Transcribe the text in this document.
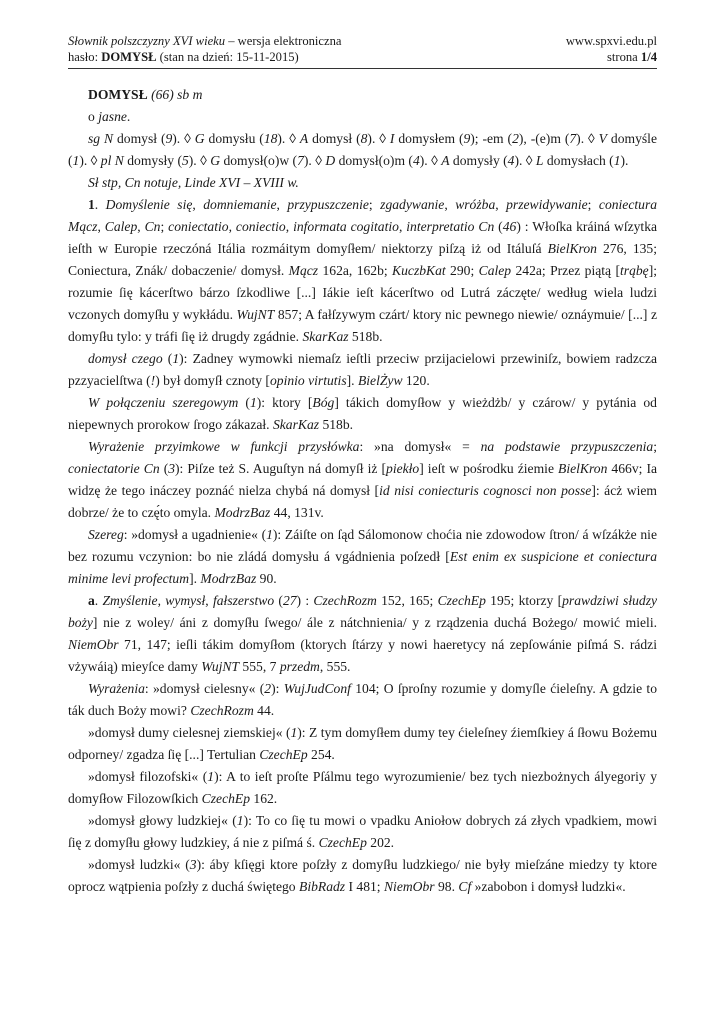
Słownik polszczyzny XVI wieku – wersja elektroniczna	www.spxvi.edu.pl
hasło: DOMYSŁ (stan na dzień: 15-11-2015)	strona 1/4

DOMYSŁ (66) sb m

o jasne.

sg N domysł (9). ◊ G domysłu (18). ◊ A domysł (8). ◊ I domysłem (9); -em (2), -(e)m (7). ◊ V domyśle (1). ◊ pl N domysły (5). ◊ G domysł(o)w (7). ◊ D domysł(o)m (4). ◊ A domysły (4). ◊ L domysłach (1).

Sł stp, Cn notuje, Linde XVI – XVIII w.

1. Domyślenie się, domniemanie, przypuszczenie; zgadywanie, wróżba, przewidywanie; coniectura Mącz, Calep, Cn; coniectatio, coniectio, informata cogitatio, interpretatio Cn (46) : Włoſka kráiná wſzytka ieſth w Europie rzeczóná Itália rozmáitym domyſłem/ niektorzy piſzą iż od Itáluſá BielKron 276, 135; Coniectura, Znák/ dobaczenie/ domysł. Mącz 162a, 162b; KuczbKat 290; Calep 242a; Przez piątą [trąbę]; rozumie ſię kácerſtwo bárzo ſzkodliwe [...] Iákie ieſt kácerſtwo od Lutrá záczęte/ według wiela ludzi vczonych domyſłu y wykłádu. WujNT 857; A fałſzywym czárt/ ktory nic pewnego niewie/ oznáymuie/ [...] z domyſłu tylo: y tráfi ſię iż drugdy zgádnie. SkarKaz 518b.

domysł czego (1): Zadney wymowki niemaſz ieſtli przeciw przijacielowi przewiniſz, bowiem radzcza pzzyacielſtwa (!) był domyſł cznoty [opinio virtutis]. BielŻyw 120.

W połączeniu szeregowym (1): ktory [Bóg] tákich domyſłow y wieżdżb/ y czárow/ y pytánia od niepewnych prorokow ſrogo zákazał. SkarKaz 518b.

Wyrażenie przyimkowe w funkcji przysłówka: »na domysł« = na podstawie przypuszczenia; coniectatorie Cn (3): Piſze też S. Auguſtyn ná domyſł iż [piekło] ieſt w pośrodku źiemie BielKron 466v; Ia widzę że tego ináczey poznáć nielza chybá ná domysł [id nisi coniecturis cognosci non posse]: ácż wiem dobrze/ że to czę́to omyla. ModrzBaz 44, 131v.

Szereg: »domysł a ugadnienie« (1): Záiſte on ſąd Sálomonow choćia nie zdowodow ſtron/ á wſzákże nie bez rozumu vczynion: bo nie zládá domysłu á vgádnienia poſzedł [Est enim ex suspicione et coniectura minime levi profectum]. ModrzBaz 90.

a. Zmyślenie, wymysł, fałszerstwo (27) : CzechRozm 152, 165; CzechEp 195; ktorzy [prawdziwi słudzy boży] nie z woley/ áni z domyſłu ſwego/ ále z nátchnienia/ y z rządzenia duchá Bożego/ mowić mieli. NiemObr 71, 147; ieſli tákim domyſłom (ktorych ſtárzy y nowi haeretycy ná zepſowánie piſmá S. rádzi vżywáią) mieyſce damy WujNT 555, 7 przedm, 555.

Wyrażenia: »domysł cielesny« (2): WujJudConf 104; O ſproſny rozumie y domyſle ćieleſny. A gdzie to ták duch Boży mowi? CzechRozm 44.

»domysł dumy cielesnej ziemskiej« (1): Z tym domyſłem dumy tey ćieleſney źiemſkiey á ſłowu Bożemu odporney/ zgadza ſię [...] Tertulian CzechEp 254.

»domysł filozofski« (1): A to ieſt proſte Pſálmu tego wyrozumienie/ bez tych niezbożnych ályegoriy y domyſłow Filozowſkich CzechEp 162.

»domysł głowy ludzkiej« (1): To co ſię tu mowi o vpadku Aniołow dobrych zá złych vpadkiem, mowi ſię z domyſłu głowy ludzkiey, á nie z piſmá ś. CzechEp 202.

»domysł ludzki« (3): áby kſięgi ktore poſzły z domyſłu ludzkiego/ nie były mieſzáne miedzy ty ktore oprocz wątpienia poſzły z duchá świętego BibRadz I 481; NiemObr 98. Cf »zabobon i domysł ludzki«.
